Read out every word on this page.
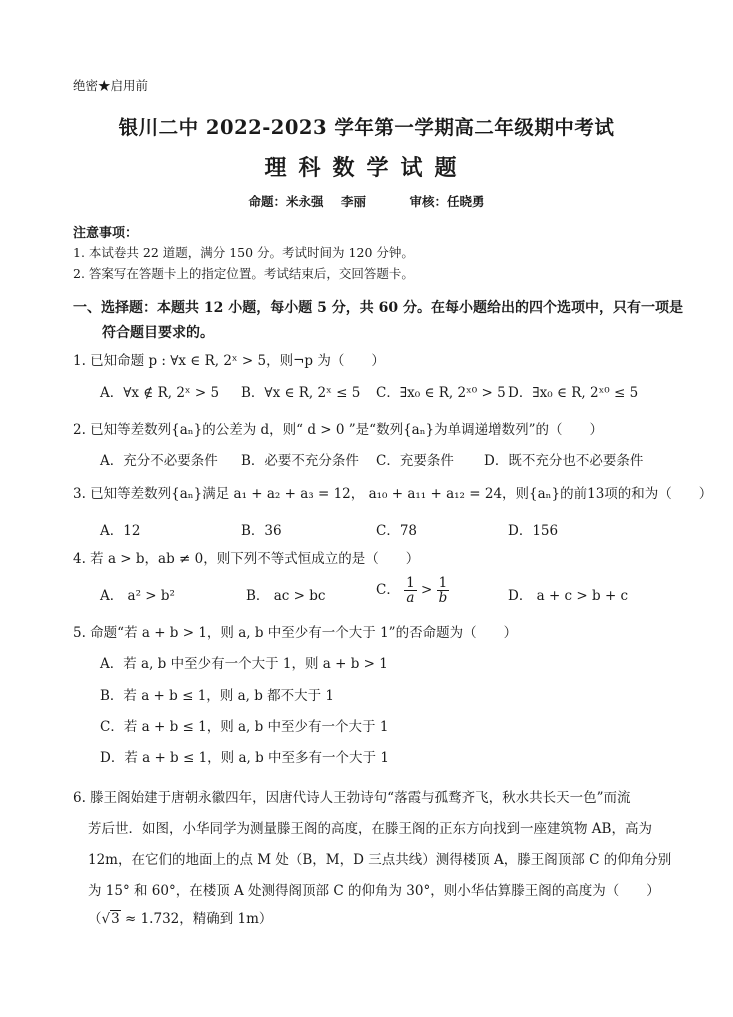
绝密★启用前
银川二中 2022-2023 学年第一学期高二年级期中考试
理科数学试题
命题：米永强    李丽          审核：任晓勇
注意事项：
1. 本试卷共 22 道题，满分 150 分。考试时间为 120 分钟。
2. 答案写在答题卡上的指定位置。考试结束后，交回答题卡。
一、选择题：本题共 12 小题，每小题 5 分，共 60 分。在每小题给出的四个选项中，只有一项是
符合题目要求的。
1. 已知命题 p : ∀x ∈ R, 2ˣ > 5，则¬p 为（　　）
A．∀x ∉ R, 2ˣ > 5 B．∀x ∈ R, 2ˣ ≤ 5 C．∃x₀ ∈ R, 2ˣ⁰ > 5 D．∃x₀ ∈ R, 2ˣ⁰ ≤ 5
2. 已知等差数列{aₙ}的公差为 d，则“ d > 0 ”是“数列{aₙ}为单调递增数列”的（　　）
A．充分不必要条件 B．必要不充分条件 C．充要条件 D．既不充分也不必要条件
3. 已知等差数列{aₙ}满足 a₁ + a₂ + a₃ = 12， a₁₀ + a₁₁ + a₁₂ = 24，则{aₙ}的前13项的和为（　　）
A．12	B．36	C．78	D．156
4. 若 a > b，ab ≠ 0，则下列不等式恒成立的是（　　）
A． a² > b²	B． ac > bc	C． $\frac{1}{a} > \frac{1}{b}$	D． a + c > b + c
5. 命题“若 a + b > 1，则 a, b 中至少有一个大于 1”的否命题为（　　）
A．若 a, b 中至少有一个大于 1，则 a + b > 1
B．若 a + b ≤ 1，则 a, b 都不大于 1
C．若 a + b ≤ 1，则 a, b 中至少有一个大于 1
D．若 a + b ≤ 1，则 a, b 中至多有一个大于 1
6. 滕王阁始建于唐朝永徽四年，因唐代诗人王勃诗句“落霞与孤鹜齐飞，秋水共长天一色”而流
芳后世．如图，小华同学为测量滕王阁的高度，在滕王阁的正东方向找到一座建筑物 AB，高为
12m，在它们的地面上的点 M 处（B，M，D 三点共线）测得楼顶 A，滕王阁顶部 C 的仰角分别
为 15° 和 60°，在楼顶 A 处测得阁顶部 C 的仰角为 30°，则小华估算滕王阁的高度为（　　）
（√3 ≈ 1.732，精确到 1m）
